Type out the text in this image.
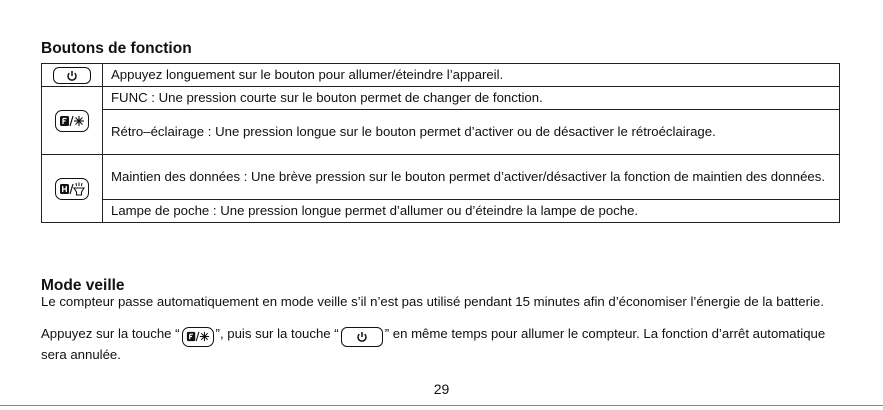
Boutons de fonction
	Appuyez longuement sur le bouton pour allumer/éteindre l’appareil.

	FUNC : Une pression courte sur le bouton permet de changer de fonction.
	Rétro–éclairage : Une pression longue sur le bouton permet d’activer ou de désactiver le rétroéclairage.

	Maintien des données : Une brève pression sur le bouton permet d’activer/désactiver la fonction de maintien des données.

	Lampe de poche : Une pression longue permet d’allumer ou d’éteindre la lampe de poche.
Mode veille
Le compteur passe automatiquement en mode veille s’il n’est pas utilisé pendant 15 minutes afin d’économiser l’énergie de la batterie.
Appuyez sur la touche “	”, puis sur la touche “	” en même temps pour allumer le compteur. La fonction d’arrêt automatique sera annulée.
29
